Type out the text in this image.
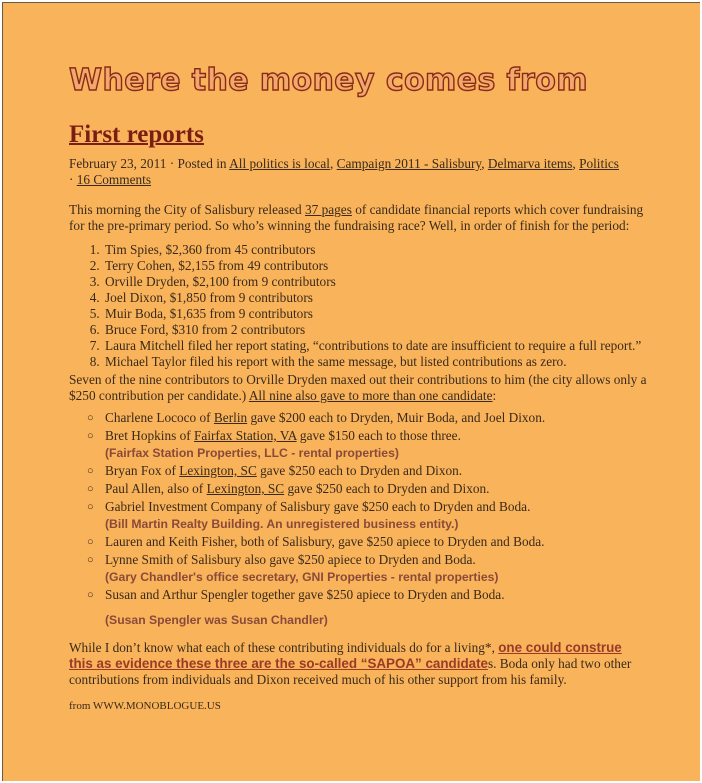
Where the money comes from
First reports

February 23, 2011 · Posted in All politics is local, Campaign 2011 - Salisbury, Delmarva items, Politics
· 16 Comments

This morning the City of Salisbury released 37 pages of candidate financial reports which cover fundraising for the pre-primary period. So who’s winning the fundraising race? Well, in order of finish for the period:

1. Tim Spies, $2,360 from 45 contributors
2. Terry Cohen, $2,155 from 49 contributors
3. Orville Dryden, $2,100 from 9 contributors
4. Joel Dixon, $1,850 from 9 contributors
5. Muir Boda, $1,635 from 9 contributors
6. Bruce Ford, $310 from 2 contributors
7. Laura Mitchell filed her report stating, “contributions to date are insufficient to require a full report.”
8. Michael Taylor filed his report with the same message, but listed contributions as zero.

Seven of the nine contributors to Orville Dryden maxed out their contributions to him (the city allows only a $250 contribution per candidate.) All nine also gave to more than one candidate:

○ Charlene Lococo of Berlin gave $200 each to Dryden, Muir Boda, and Joel Dixon.
○ Bret Hopkins of Fairfax Station, VA gave $150 each to those three.
(Fairfax Station Properties, LLC - rental properties)
○ Bryan Fox of Lexington, SC gave $250 each to Dryden and Dixon.
○ Paul Allen, also of Lexington, SC gave $250 each to Dryden and Dixon.
○ Gabriel Investment Company of Salisbury gave $250 each to Dryden and Boda.
(Bill Martin Realty Building. An unregistered business entity.)
○ Lauren and Keith Fisher, both of Salisbury, gave $250 apiece to Dryden and Boda.
○ Lynne Smith of Salisbury also gave $250 apiece to Dryden and Boda.
(Gary Chandler's office secretary, GNI Properties - rental properties)
○ Susan and Arthur Spengler together gave $250 apiece to Dryden and Boda.
(Susan Spengler was Susan Chandler)

While I don’t know what each of these contributing individuals do for a living*, one could construe this as evidence these three are the so-called “SAPOA” candidates. Boda only had two other contributions from individuals and Dixon received much of his other support from his family.

from WWW.MONOBLOGUE.US
